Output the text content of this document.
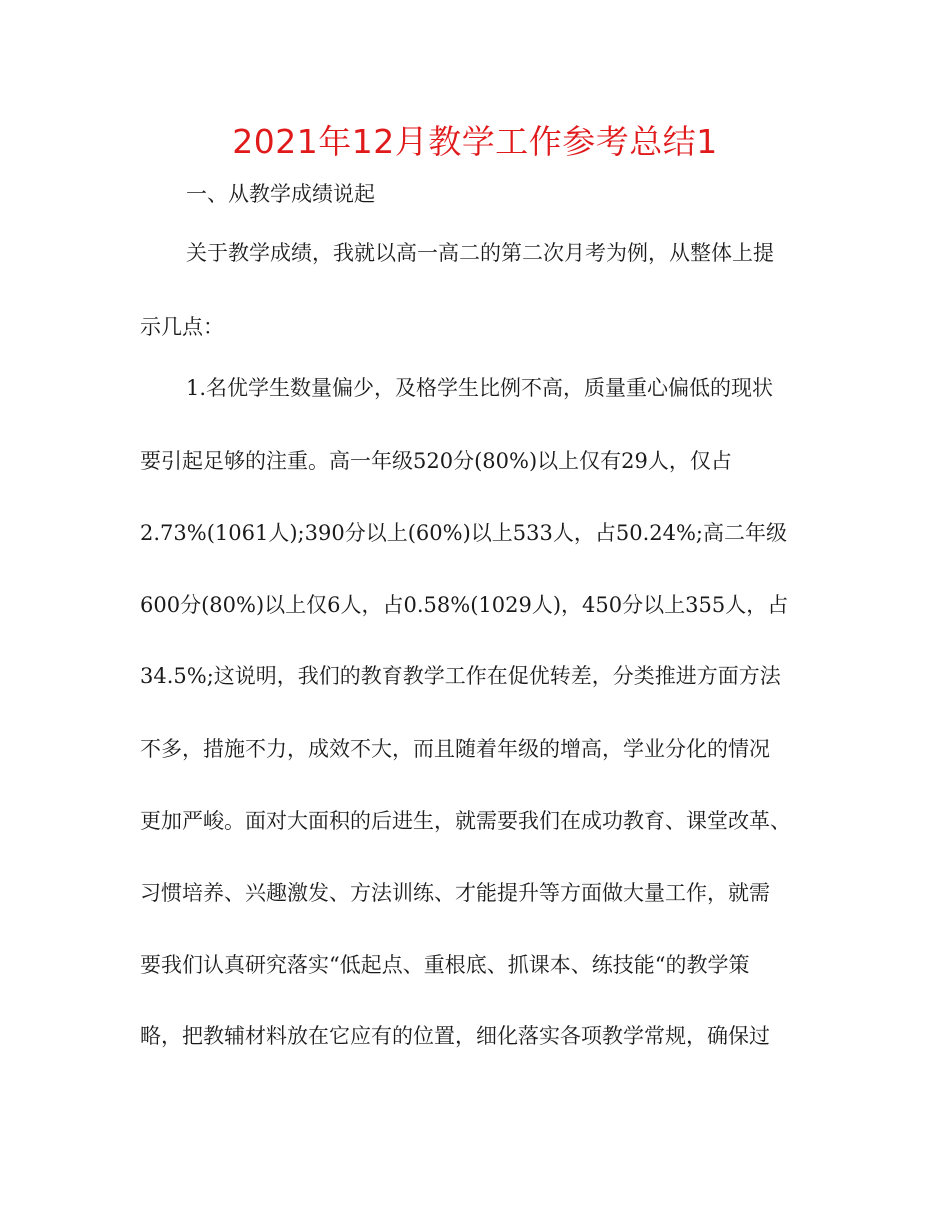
2021年12月教学工作参考总结1
一、从教学成绩说起
关于教学成绩，我就以高一高二的第二次月考为例，从整体上提
示几点：
1.名优学生数量偏少，及格学生比例不高，质量重心偏低的现状
要引起足够的注重。高一年级520分(80%)以上仅有29人，仅占
2.73%(1061人);390分以上(60%)以上533人，占50.24%;高二年级
600分(80%)以上仅6人，占0.58%(1029人)，450分以上355人，占
34.5%;这说明，我们的教育教学工作在促优转差，分类推进方面方法
不多，措施不力，成效不大，而且随着年级的增高，学业分化的情况
更加严峻。面对大面积的后进生，就需要我们在成功教育、课堂改革、
习惯培养、兴趣激发、方法训练、才能提升等方面做大量工作，就需
要我们认真研究落实“低起点、重根底、抓课本、练技能“的教学策
略，把教辅材料放在它应有的位置，细化落实各项教学常规，确保过
